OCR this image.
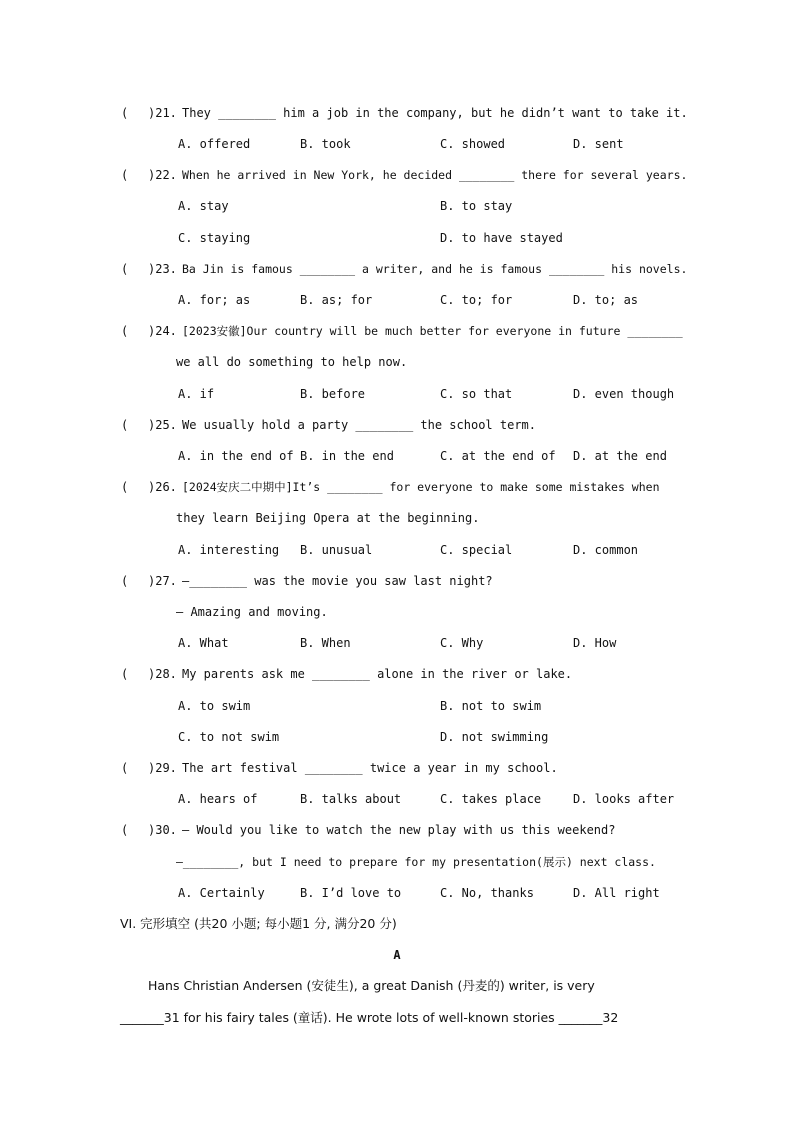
( )21. They ________ him a job in the company, but he didn’t want to take it.
A. offered	B. took	C. showed	D. sent
( )22. When he arrived in New York, he decided ________ there for several years.
A. stay	B. to stay
C. staying	D. to have stayed
( )23. Ba Jin is famous ________ a writer, and he is famous ________ his novels.
A. for; as	B. as; for	C. to; for	D. to; as
( )24. [2023安徽]Our country will be much better for everyone in future ________
we all do something to help now.
A. if	B. before	C. so that	D. even though
( )25. We usually hold a party ________ the school term.
A. in the end of B. in the end	C. at the end of D. at the end
( )26. [2024安庆二中期中]It’s ________ for everyone to make some mistakes when
they learn Beijing Opera at the beginning.
A. interesting B. unusual	C. special	D. common
( )27. —________ was the movie you saw last night?
— Amazing and moving.
A. What	B. When	C. Why	D. How
( )28. My parents ask me ________ alone in the river or lake.
A. to swim	B. not to swim
C. to not swim	D. not swimming
( )29. The art festival ________ twice a year in my school.
A. hears of	B. talks about	C. takes place	D. looks after
( )30. — Would you like to watch the new play with us this weekend?
—________, but I need to prepare for my presentation(展示) next class.
A. Certainly	B. I’d love to	C. No, thanks	D. All right
VI. 完形填空 (共20 小题; 每小题1 分, 满分20 分)
A
Hans Christian Andersen (安徒生), a great Danish (丹麦的) writer, is very
_______31 for his fairy tales (童话). He wrote lots of well-known stories _______32
